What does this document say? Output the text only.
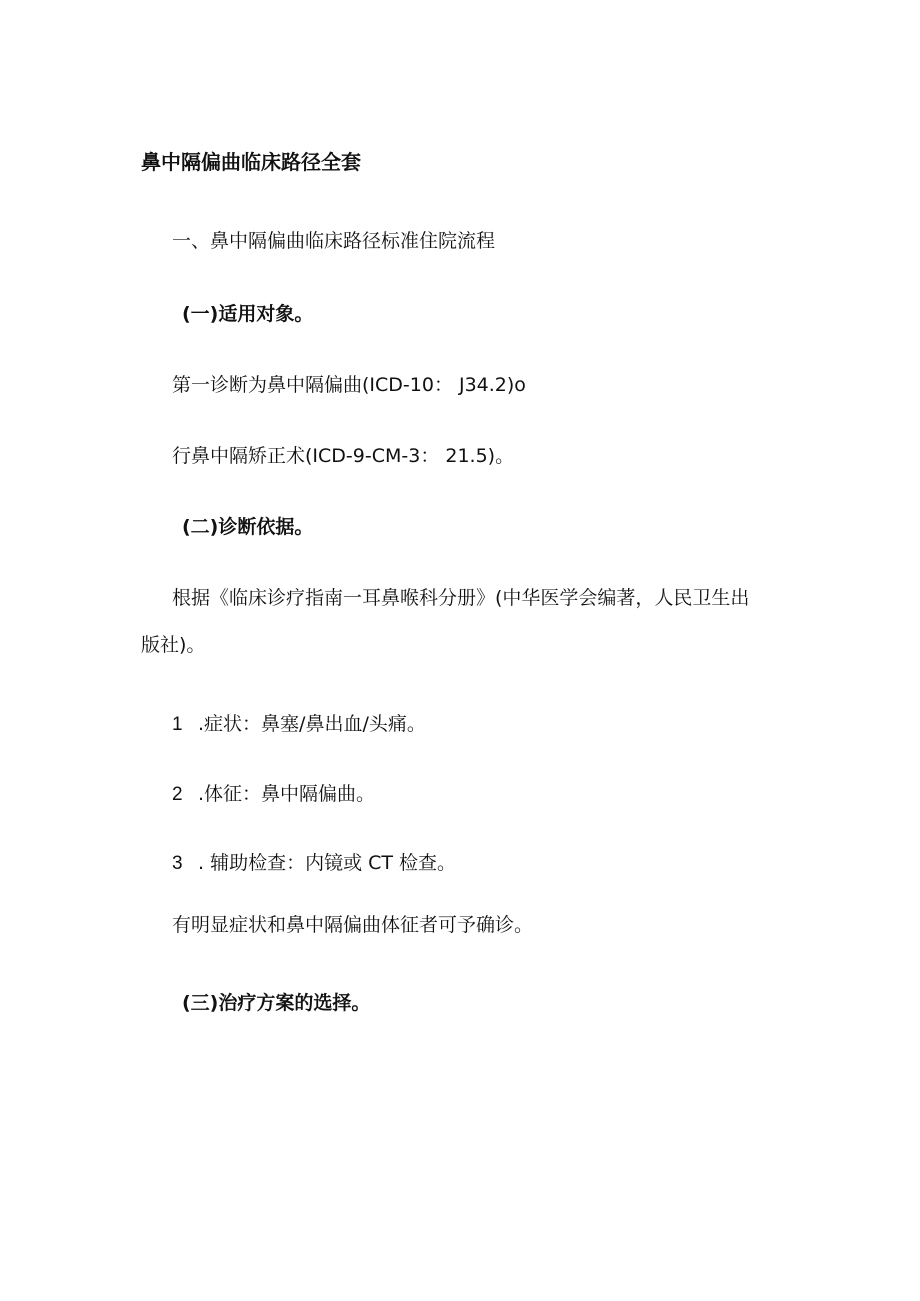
鼻中隔偏曲临床路径全套
一、鼻中隔偏曲临床路径标准住院流程
(一)适用对象。
第一诊断为鼻中隔偏曲(ICD-10： J34.2)o
行鼻中隔矫正术(ICD-9-CM-3： 21.5)。
(二)诊断依据。
根据《临床诊疗指南一耳鼻喉科分册》(中华医学会编著，人民卫生出
版社)。
1 .症状：鼻塞/鼻出血/头痛。
2 .体征：鼻中隔偏曲。
3 . 辅助检查：内镜或 CT 检查。
有明显症状和鼻中隔偏曲体征者可予确诊。
(三)治疗方案的选择。
